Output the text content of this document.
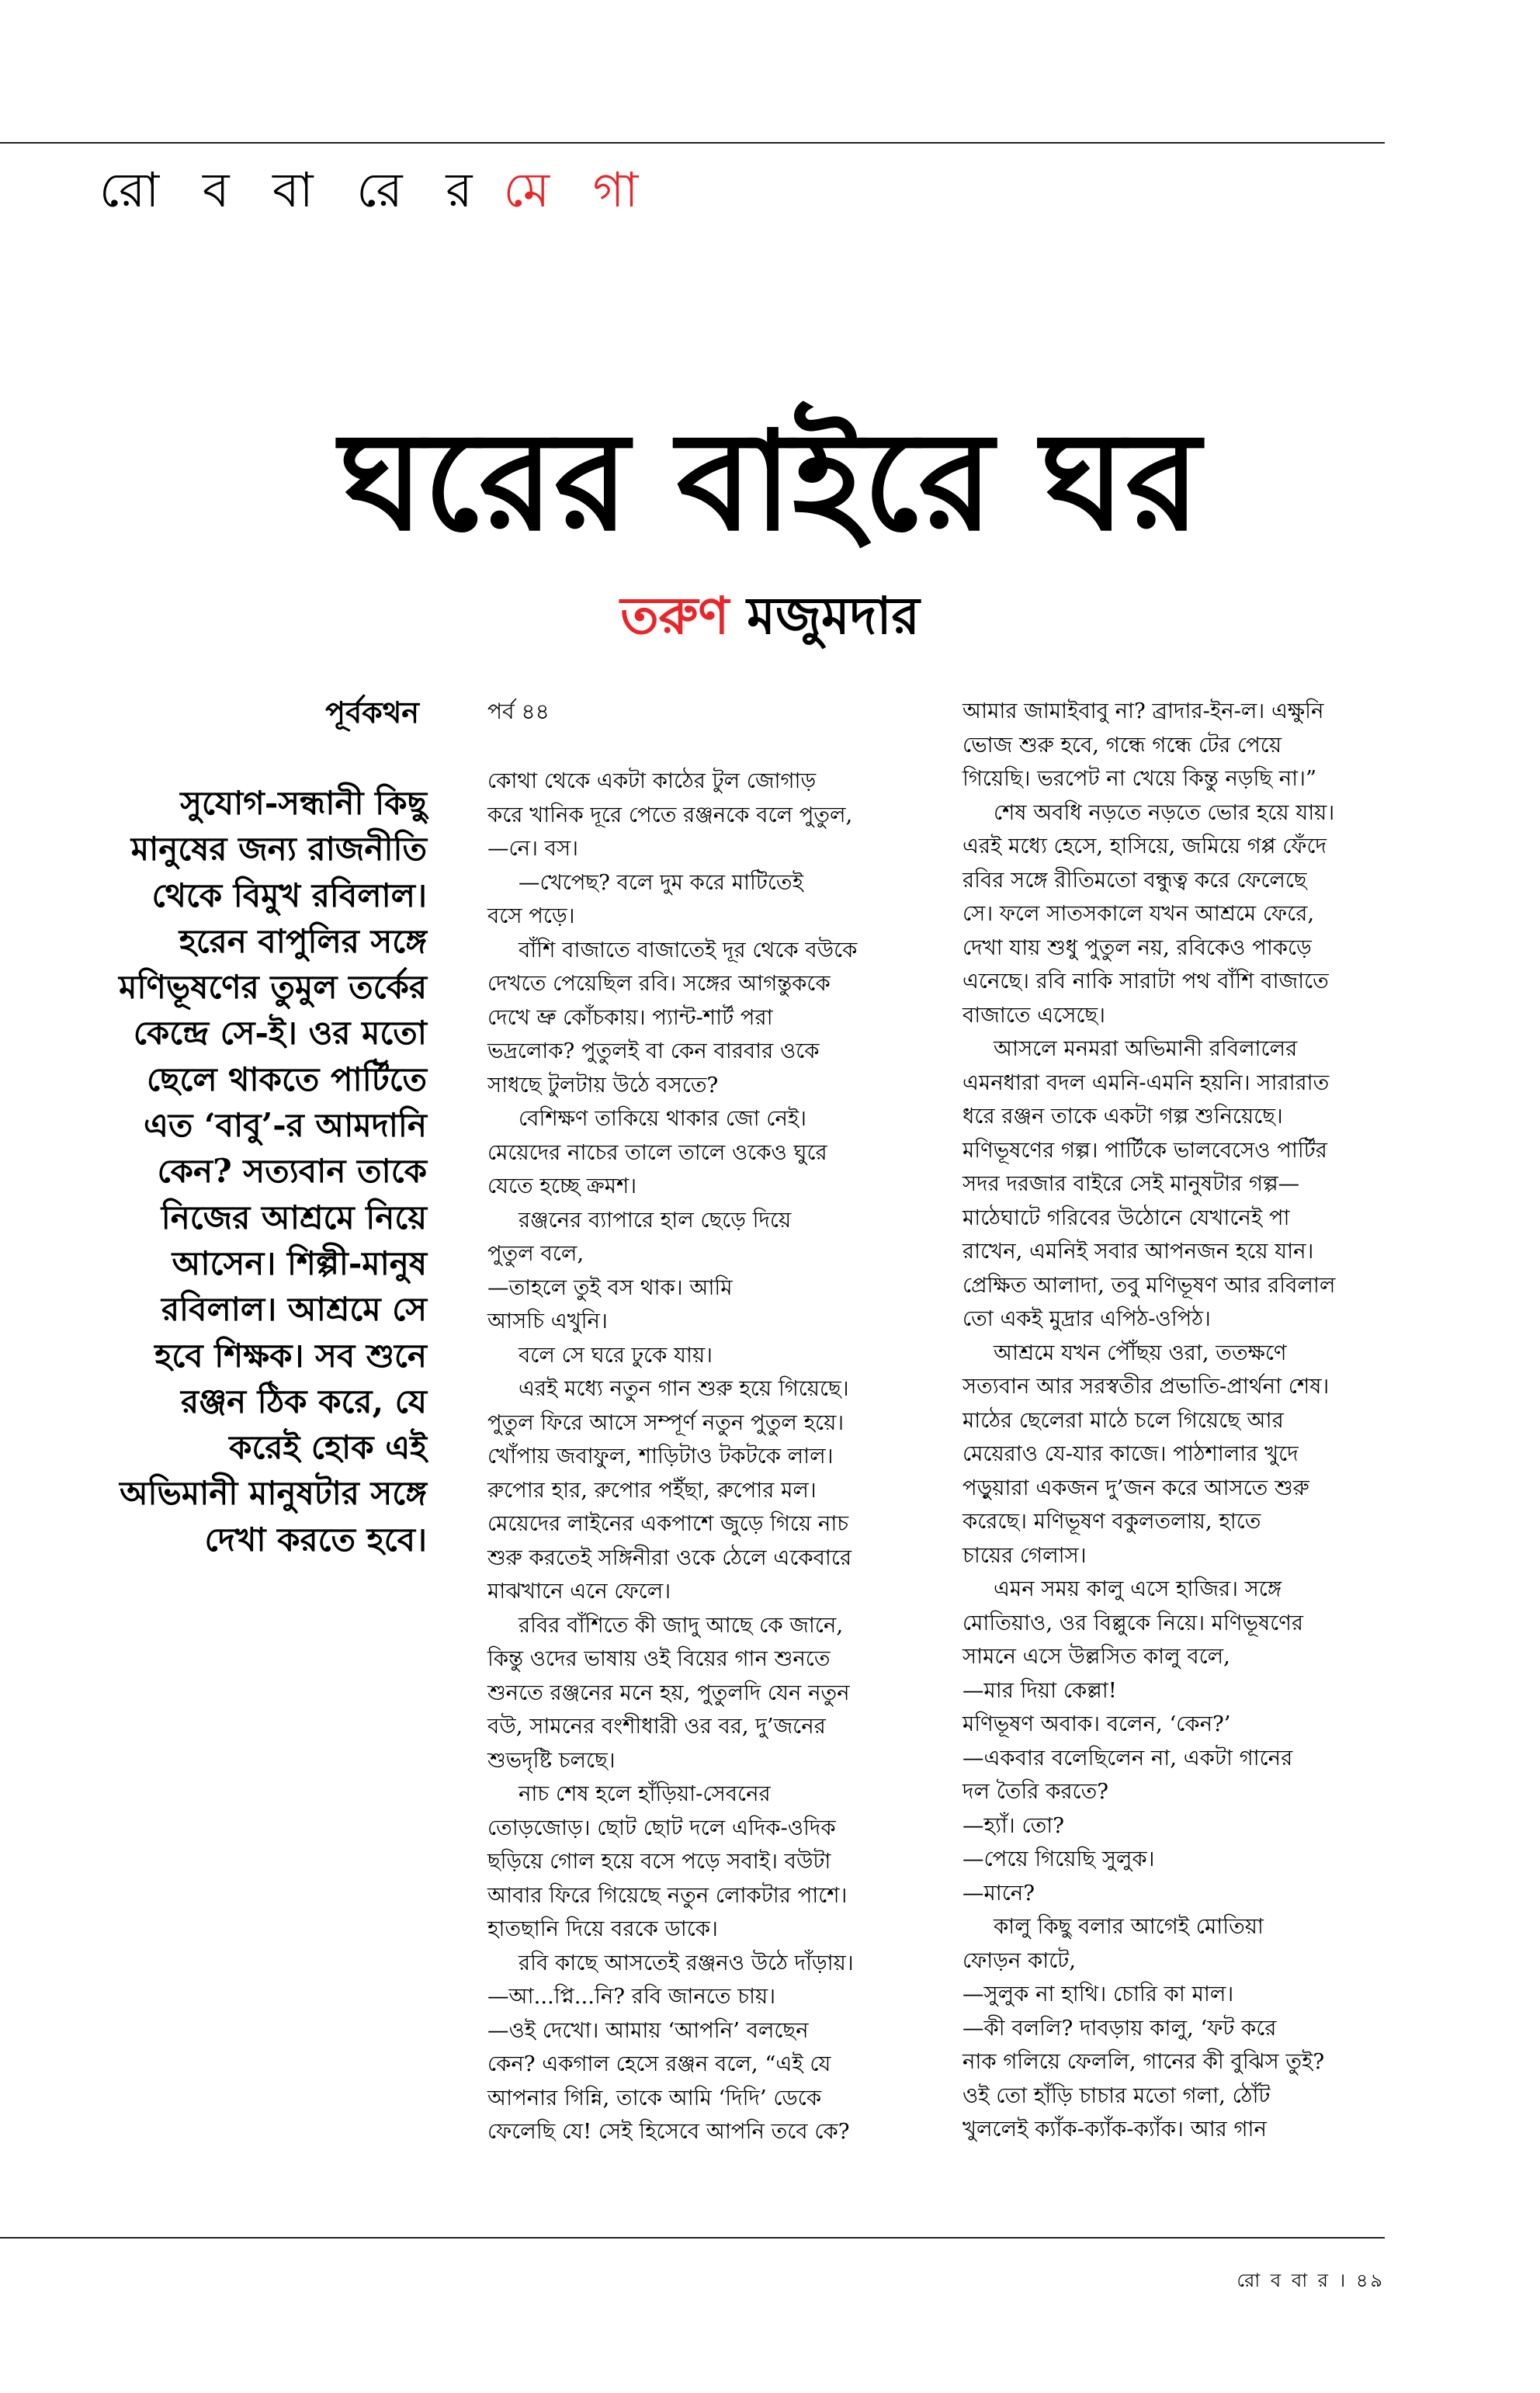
রো ব বা রে র মে গা
ঘরের বাইরে ঘর
তরুণ মজুমদার
পূর্বকথন
সুযোগ-সন্ধানী কিছু মানুষের জন্য রাজনীতি থেকে বিমুখ রবিলাল। হরেন বাপুলির সঙ্গে মণিভূষণের তুমুল তর্কের কেন্দ্রে সে-ই। ওর মতো ছেলে থাকতে পার্টিতে এত ‘বাবু’-র আমদানি কেন? সত্যবান তাকে নিজের আশ্রমে নিয়ে আসেন। শিল্পী-মানুষ রবিলাল। আশ্রমে সে হবে শিক্ষক। সব শুনে রঞ্জন ঠিক করে, যে করেই হোক এই অভিমানী মানুষটার সঙ্গে দেখা করতে হবে।
পর্ব ৪৪

কোথা থেকে একটা কাঠের টুল জোগাড়

করে খানিক দূরে পেতে রঞ্জনকে বলে পুতুল,

—নে। বস।

—খেপেছ? বলে দুম করে মাটিতেই

বসে পড়ে।

বাঁশি বাজাতে বাজাতেই দূর থেকে বউকে

দেখতে পেয়েছিল রবি। সঙ্গের আগন্তুককে

দেখে ভ্রু কোঁচকায়। প্যান্ট-শার্ট পরা

ভদ্রলোক? পুতুলই বা কেন বারবার ওকে

সাধছে টুলটায় উঠে বসতে?

বেশিক্ষণ তাকিয়ে থাকার জো নেই।

মেয়েদের নাচের তালে তালে ওকেও ঘুরে

যেতে হচ্ছে ক্রমশ।

রঞ্জনের ব্যাপারে হাল ছেড়ে দিয়ে

পুতুল বলে,

—তাহলে তুই বস থাক। আমি

আসচি এখুনি।

বলে সে ঘরে ঢুকে যায়।

এরই মধ্যে নতুন গান শুরু হয়ে গিয়েছে।

পুতুল ফিরে আসে সম্পূর্ণ নতুন পুতুল হয়ে।

খোঁপায় জবাফুল, শাড়িটাও টকটকে লাল।

রুপোর হার, রুপোর পইঁছা, রুপোর মল।

মেয়েদের লাইনের একপাশে জুড়ে গিয়ে নাচ

শুরু করতেই সঙ্গিনীরা ওকে ঠেলে একেবারে

মাঝখানে এনে ফেলে।

রবির বাঁশিতে কী জাদু আছে কে জানে,

কিন্তু ওদের ভাষায় ওই বিয়ের গান শুনতে

শুনতে রঞ্জনের মনে হয়, পুতুলদি যেন নতুন

বউ, সামনের বংশীধারী ওর বর, দু’জনের

শুভদৃষ্টি চলছে।

নাচ শেষ হলে হাঁড়িয়া-সেবনের

তোড়জোড়। ছোট ছোট দলে এদিক-ওদিক

ছড়িয়ে গোল হয়ে বসে পড়ে সবাই। বউটা

আবার ফিরে গিয়েছে নতুন লোকটার পাশে।

হাতছানি দিয়ে বরকে ডাকে।

রবি কাছে আসতেই রঞ্জনও উঠে দাঁড়ায়।

—আ...প্নি...নি? রবি জানতে চায়।

—ওই দেখো। আমায় ‘আপনি’ বলছেন

কেন? একগাল হেসে রঞ্জন বলে, “এই যে

আপনার গিন্নি, তাকে আমি ‘দিদি’ ডেকে

ফেলেছি যে! সেই হিসেবে আপনি তবে কে?

আমার জামাইবাবু না? ব্রাদার-ইন-ল। এক্ষুনি

ভোজ শুরু হবে, গন্ধে গন্ধে টের পেয়ে

গিয়েছি। ভরপেট না খেয়ে কিন্তু নড়ছি না।”

শেষ অবধি নড়তে নড়তে ভোর হয়ে যায়।

এরই মধ্যে হেসে, হাসিয়ে, জমিয়ে গপ্প ফেঁদে

রবির সঙ্গে রীতিমতো বন্ধুত্ব করে ফেলেছে

সে। ফলে সাতসকালে যখন আশ্রমে ফেরে,

দেখা যায় শুধু পুতুল নয়, রবিকেও পাকড়ে

এনেছে। রবি নাকি সারাটা পথ বাঁশি বাজাতে

বাজাতে এসেছে।

আসলে মনমরা অভিমানী রবিলালের

এমনধারা বদল এমনি-এমনি হয়নি। সারারাত

ধরে রঞ্জন তাকে একটা গল্প শুনিয়েছে।

মণিভূষণের গল্প। পার্টিকে ভালবেসেও পার্টির

সদর দরজার বাইরে সেই মানুষটার গল্প—

মাঠেঘাটে গরিবের উঠোনে যেখানেই পা

রাখেন, এমনিই সবার আপনজন হয়ে যান।

প্রেক্ষিত আলাদা, তবু মণিভূষণ আর রবিলাল

তো একই মুদ্রার এপিঠ-ওপিঠ।

আশ্রমে যখন পৌঁছয় ওরা, ততক্ষণে

সত্যবান আর সরস্বতীর প্রভাতি-প্রার্থনা শেষ।

মাঠের ছেলেরা মাঠে চলে গিয়েছে আর

মেয়েরাও যে-যার কাজে। পাঠশালার খুদে

পড়ুয়ারা একজন দু’জন করে আসতে শুরু

করেছে। মণিভূষণ বকুলতলায়, হাতে

চায়ের গেলাস।

এমন সময় কালু এসে হাজির। সঙ্গে

মোতিয়াও, ওর বিল্লুকে নিয়ে। মণিভূষণের

সামনে এসে উল্লসিত কালু বলে,

—মার দিয়া কেল্লা!

মণিভূষণ অবাক। বলেন, ‘কেন?’

—একবার বলেছিলেন না, একটা গানের

দল তৈরি করতে?

—হ্যাঁ। তো?

—পেয়ে গিয়েছি সুলুক।

—মানে?

কালু কিছু বলার আগেই মোতিয়া

ফোড়ন কাটে,

—সুলুক না হাথি। চোরি কা মাল।

—কী বললি? দাবড়ায় কালু, ‘ফট করে

নাক গলিয়ে ফেললি, গানের কী বুঝিস তুই?

ওই তো হাঁড়ি চাচার মতো গলা, ঠোঁট

খুললেই ক্যাঁক-ক্যাঁক-ক্যাঁক। আর গান

রো ব বা র । ৪৯
